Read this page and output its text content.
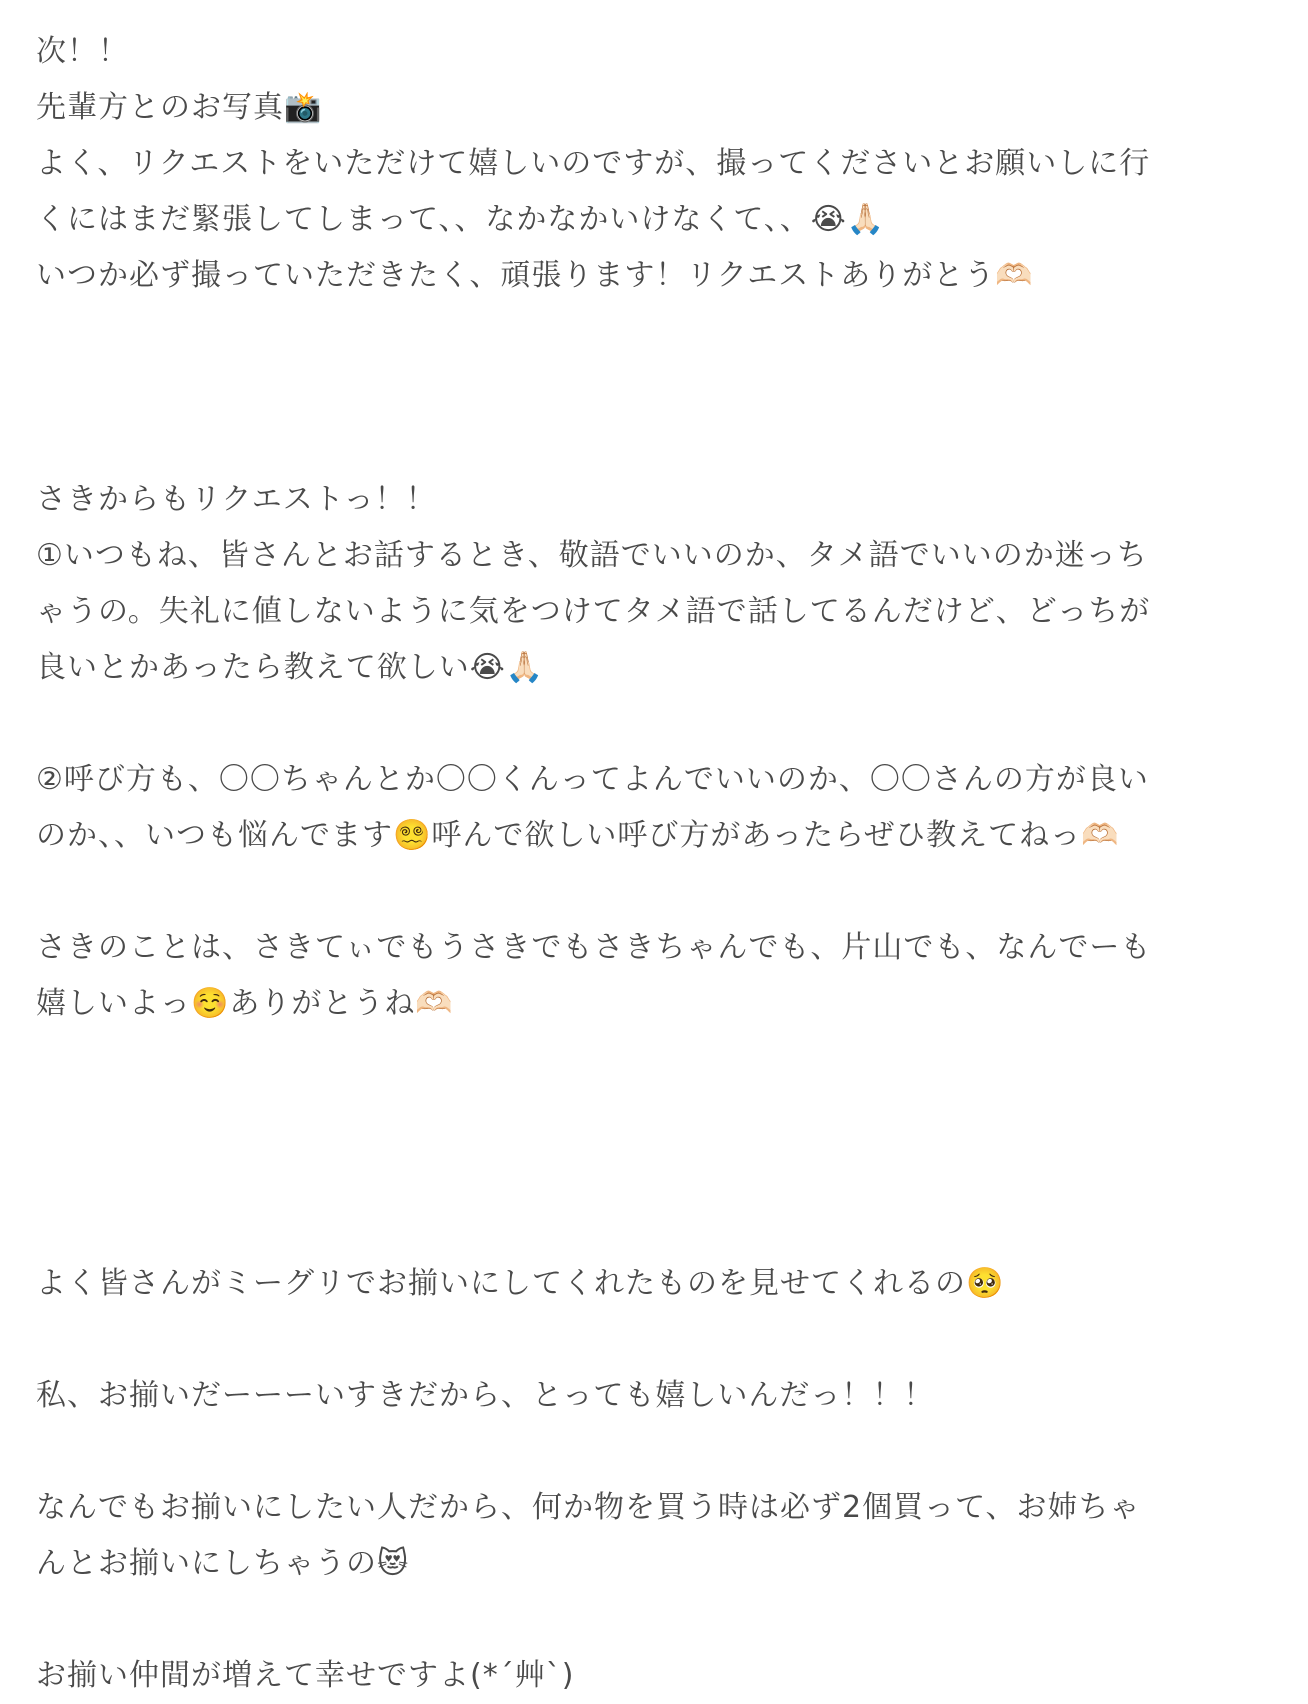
次！！
先輩方とのお写真📸
よく、リクエストをいただけて嬉しいのですが、撮ってくださいとお願いしに行
くにはまだ緊張してしまって、、なかなかいけなくて、、😭🙏🏻
いつか必ず撮っていただきたく、頑張ります！リクエストありがとう🫶🏻
さきからもリクエストっ！！
①いつもね、皆さんとお話するとき、敬語でいいのか、タメ語でいいのか迷っち
ゃうの。失礼に値しないように気をつけてタメ語で話してるんだけど、どっちが
良いとかあったら教えて欲しい😭🙏🏻
②呼び方も、〇〇ちゃんとか〇〇くんってよんでいいのか、〇〇さんの方が良い
のか、、いつも悩んでます😵‍💫呼んで欲しい呼び方があったらぜひ教えてねっ🫶🏻
さきのことは、さきてぃでもうさきでもさきちゃんでも、片山でも、なんでーも
嬉しいよっ☺️ありがとうね🫶🏻
よく皆さんがミーグリでお揃いにしてくれたものを見せてくれるの🥺
私、お揃いだーーーいすきだから、とっても嬉しいんだっ！！！
なんでもお揃いにしたい人だから、何か物を買う時は必ず2個買って、お姉ちゃ
んとお揃いにしちゃうの😻
お揃い仲間が増えて幸せですよ(*´艸`)
